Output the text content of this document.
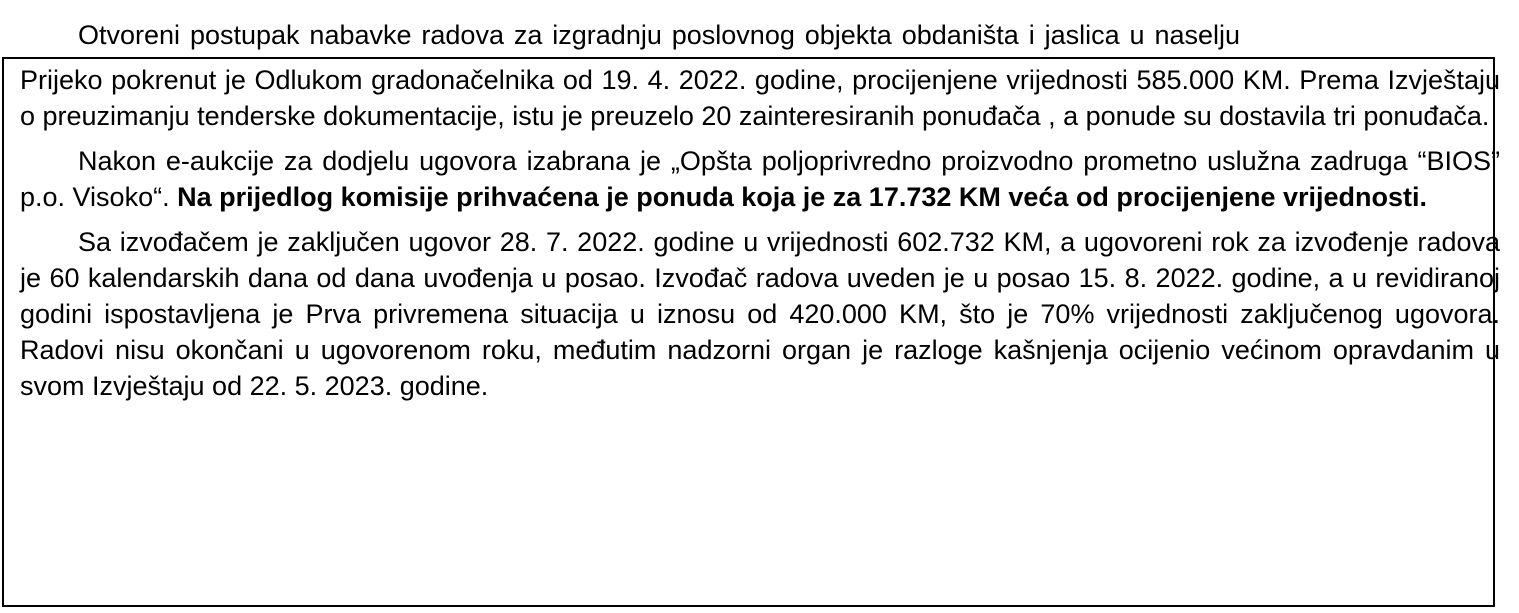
Otvoreni postupak nabavke radova za izgradnju poslovnog objekta obdaništa i jaslica u naselju

Prijeko pokrenut je Odlukom gradonačelnika od 19. 4. 2022. godine, procijenjene vrijednosti 585.000 KM. Prema Izvještaju o preuzimanju tenderske dokumentacije, istu je preuzelo 20 zainteresiranih ponuđača , a ponude su dostavila tri ponuđača.

Nakon e-aukcije za dodjelu ugovora izabrana je „Opšta poljoprivredno proizvodno prometno uslužna zadruga “BIOS” p.o. Visoko“. Na prijedlog komisije prihvaćena je ponuda koja je za 17.732 KM veća od procijenjene vrijednosti.

Sa izvođačem je zaključen ugovor 28. 7. 2022. godine u vrijednosti 602.732 KM, a ugovoreni rok za izvođenje radova je 60 kalendarskih dana od dana uvođenja u posao. Izvođač radova uveden je u posao 15. 8. 2022. godine, a u revidiranoj godini ispostavljena je Prva privremena situacija u iznosu od 420.000 KM, što je 70% vrijednosti zaključenog ugovora. Radovi nisu okončani u ugovorenom roku, međutim nadzorni organ je razloge kašnjenja ocijenio većinom opravdanim u svom Izvještaju od 22. 5. 2023. godine.
